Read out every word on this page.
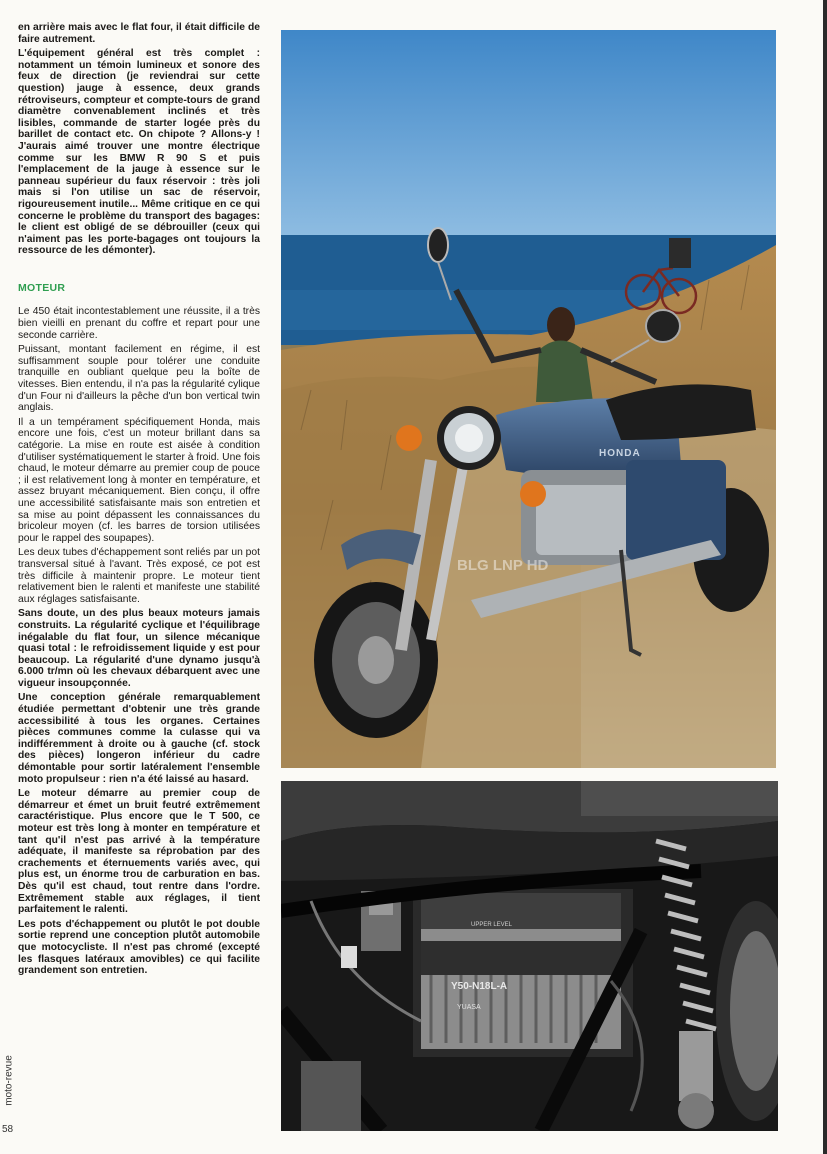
en arrière mais avec le flat four, il était difficile de faire autrement.

L'équipement général est très complet : notamment un témoin lumineux et sonore des feux de direction (je reviendrai sur cette question) jauge à essence, deux grands rétroviseurs, compteur et compte-tours de grand diamètre convenablement inclinés et très lisibles, commande de starter logée près du barillet de contact etc. On chipote ? Allons-y ! J'aurais aimé trouver une montre électrique comme sur les BMW R 90 S et puis l'emplacement de la jauge à essence sur le panneau supérieur du faux réservoir : très joli mais si l'on utilise un sac de réservoir, rigoureusement inutile... Même critique en ce qui concerne le problème du transport des bagages: le client est obligé de se débrouiller (ceux qui n'aiment pas les porte-bagages ont toujours la ressource de les démonter).

MOTEUR

Le 450 était incontestablement une réussite, il a très bien vieilli en prenant du coffre et repart pour une seconde carrière.

Puissant, montant facilement en régime, il est suffisamment souple pour tolérer une conduite tranquille en oubliant quelque peu la boîte de vitesses. Bien entendu, il n'a pas la régularité cylique d'un Four ni d'ailleurs la pêche d'un bon vertical twin anglais.

Il a un tempérament spécifiquement Honda, mais encore une fois, c'est un moteur brillant dans sa catégorie. La mise en route est aisée à condition d'utiliser systématiquement le starter à froid. Une fois chaud, le moteur démarre au premier coup de pouce ; il est relativement long à monter en température, et assez bruyant mécaniquement. Bien conçu, il offre une accessibilité satisfaisante mais son entretien et sa mise au point dépassent les connaissances du bricoleur moyen (cf. les barres de torsion utilisées pour le rappel des soupapes).

Les deux tubes d'échappement sont reliés par un pot transversal situé à l'avant. Très exposé, ce pot est très difficile à maintenir propre. Le moteur tient relativement bien le ralenti et manifeste une stabilité aux réglages satisfaisante.

Sans doute, un des plus beaux moteurs jamais construits. La régularité cyclique et l'équilibrage inégalable du flat four, un silence mécanique quasi total : le refroidissement liquide y est pour beaucoup. La régularité d'une dynamo jusqu'à 6.000 tr/mn où les chevaux débarquent avec une vigueur insoupçonnée.

Une conception générale remarquablement étudiée permettant d'obtenir une très grande accessibilité à tous les organes. Certaines pièces communes comme la culasse qui va indifféremment à droite ou à gauche (cf. stock des pièces) longeron inférieur du cadre démontable pour sortir latéralement l'ensemble moto propulseur : rien n'a été laissé au hasard.

Le moteur démarre au premier coup de démarreur et émet un bruit feutré extrêmement caractéristique. Plus encore que le T 500, ce moteur est très long à monter en température et tant qu'il n'est pas arrivé à la température adéquate, il manifeste sa réprobation par des crachements et éternuements variés avec, qui plus est, un énorme trou de carburation en bas. Dès qu'il est chaud, tout rentre dans l'ordre. Extrêmement stable aux réglages, il tient parfaitement le ralenti.

Les pots d'échappement ou plutôt le pot double sortie reprend une conception plutôt automobile que motocycliste. Il n'est pas chromé (excepté les flasques latéraux amovibles) ce qui facilite grandement son entretien.

HONDA
BLG LNP HD
UPPER LEVEL
Y50-N18L-A
YUASA
moto-revue
58
